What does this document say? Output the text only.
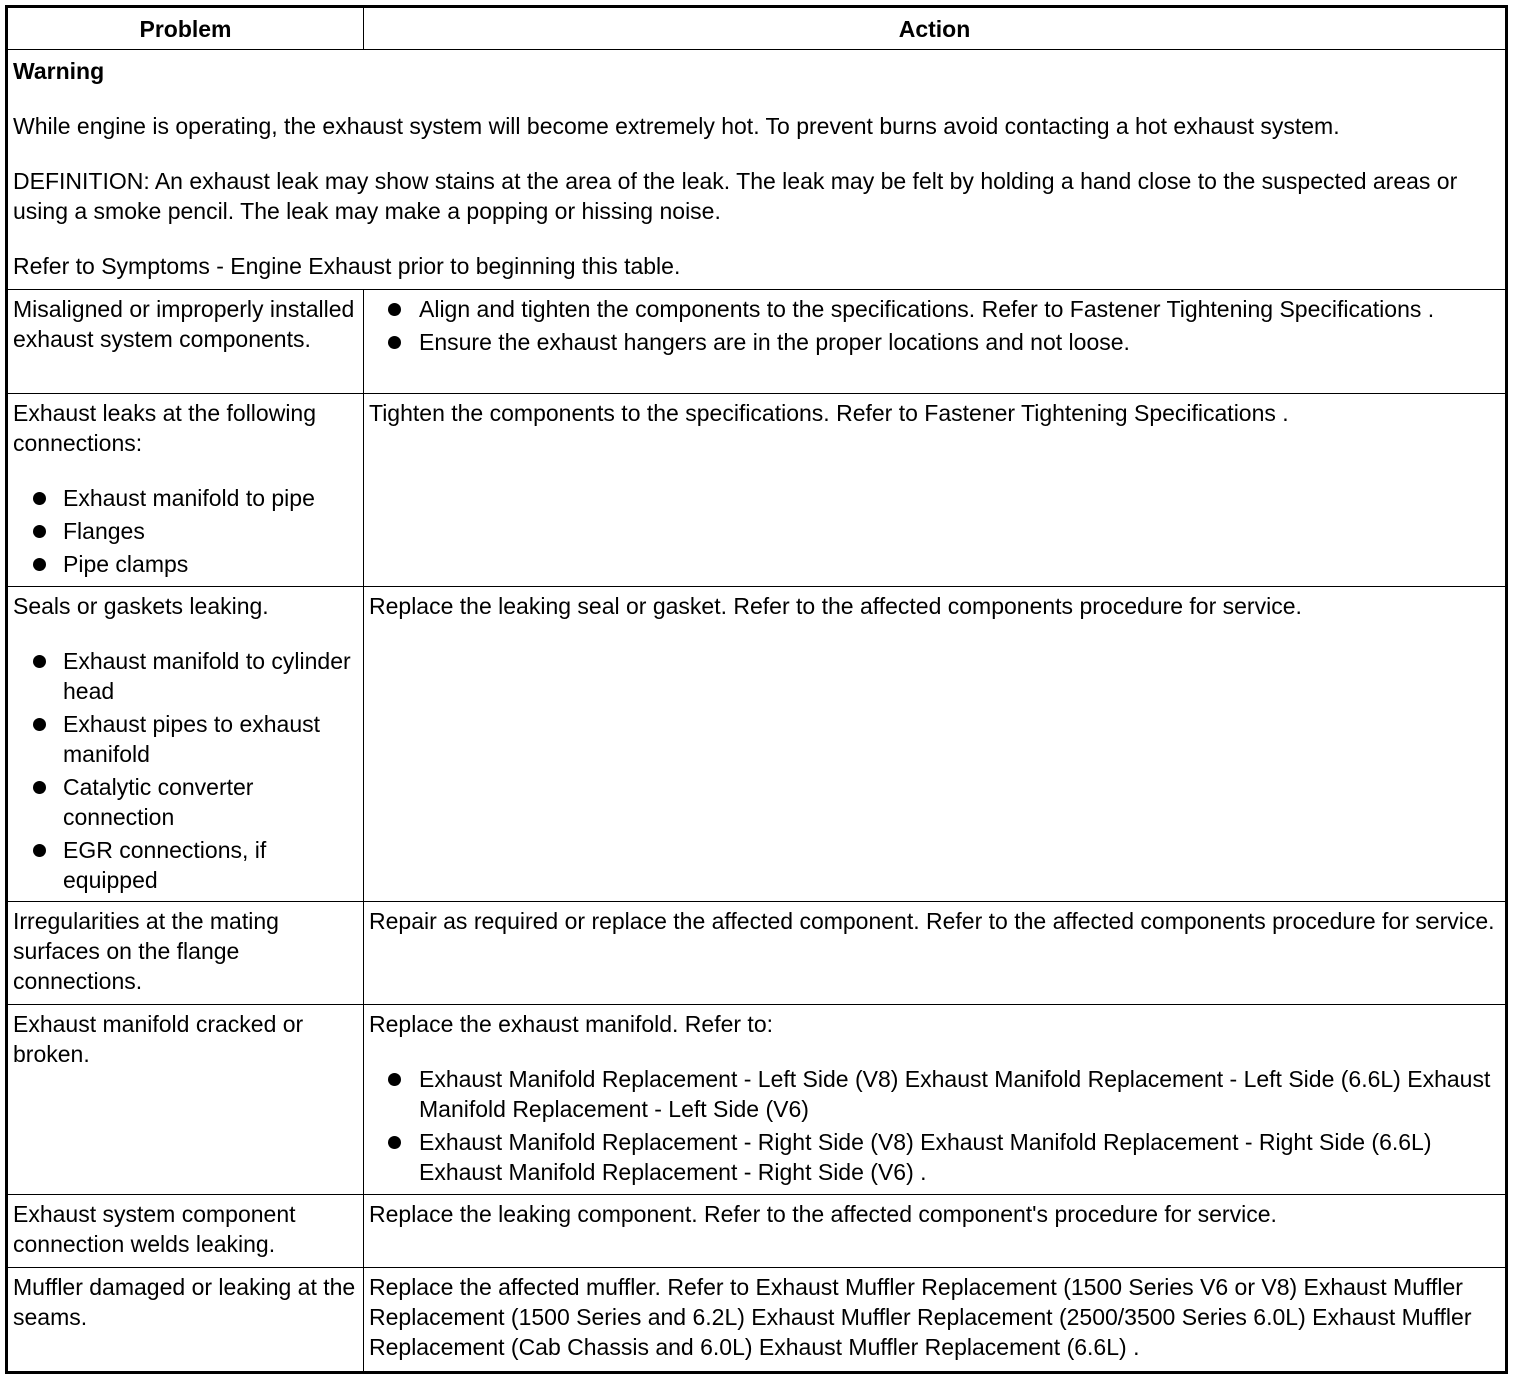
Problem	Action

Warning

While engine is operating, the exhaust system will become extremely hot. To prevent burns avoid contacting a hot exhaust system.

DEFINITION: An exhaust leak may show stains at the area of the leak. The leak may be felt by holding a hand close to the suspected areas or using a smoke pencil. The leak may make a popping or hissing noise.

Refer to Symptoms - Engine Exhaust prior to beginning this table.

Misaligned or improperly installed exhaust system components.
Align and tighten the components to the specifications. Refer to Fastener Tightening Specifications .
Ensure the exhaust hangers are in the proper locations and not loose.
Exhaust leaks at the following connections:
Exhaust manifold to pipe
Flanges
Pipe clamps
Tighten the components to the specifications. Refer to Fastener Tightening Specifications .
Seals or gaskets leaking.
Exhaust manifold to cylinder head
Exhaust pipes to exhaust manifold
Catalytic converter connection
EGR connections, if equipped
Replace the leaking seal or gasket. Refer to the affected components procedure for service.
Irregularities at the mating surfaces on the flange connections.
Repair as required or replace the affected component. Refer to the affected components procedure for service.
Exhaust manifold cracked or broken.
Replace the exhaust manifold. Refer to:
Exhaust Manifold Replacement - Left Side (V8) Exhaust Manifold Replacement - Left Side (6.6L) Exhaust Manifold Replacement - Left Side (V6)
Exhaust Manifold Replacement - Right Side (V8) Exhaust Manifold Replacement - Right Side (6.6L) Exhaust Manifold Replacement - Right Side (V6) .
Exhaust system component connection welds leaking.
Replace the leaking component. Refer to the affected component's procedure for service.
Muffler damaged or leaking at the seams.
Replace the affected muffler. Refer to Exhaust Muffler Replacement (1500 Series V6 or V8) Exhaust Muffler Replacement (1500 Series and 6.2L) Exhaust Muffler Replacement (2500/3500 Series 6.0L) Exhaust Muffler Replacement (Cab Chassis and 6.0L) Exhaust Muffler Replacement (6.6L) .
